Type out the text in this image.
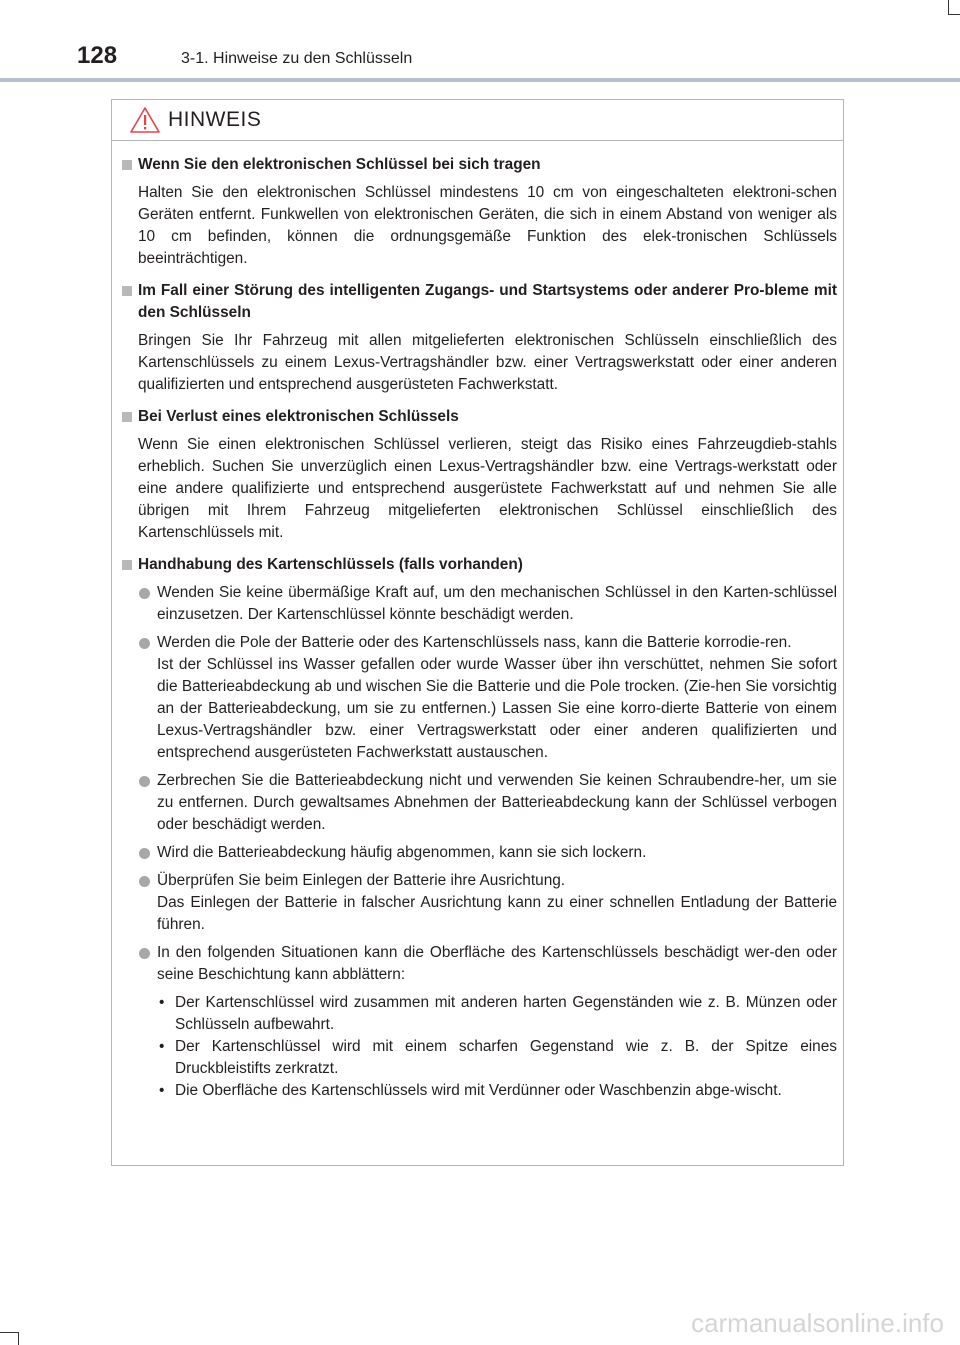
128	3-1. Hinweise zu den Schlüsseln
HINWEIS
Wenn Sie den elektronischen Schlüssel bei sich tragen
Halten Sie den elektronischen Schlüssel mindestens 10 cm von eingeschalteten elektroni-schen Geräten entfernt. Funkwellen von elektronischen Geräten, die sich in einem Abstand von weniger als 10 cm befinden, können die ordnungsgemäße Funktion des elek-tronischen Schlüssels beeinträchtigen.
Im Fall einer Störung des intelligenten Zugangs- und Startsystems oder anderer Pro-bleme mit den Schlüsseln
Bringen Sie Ihr Fahrzeug mit allen mitgelieferten elektronischen Schlüsseln einschließlich des Kartenschlüssels zu einem Lexus-Vertragshändler bzw. einer Vertragswerkstatt oder einer anderen qualifizierten und entsprechend ausgerüsteten Fachwerkstatt.
Bei Verlust eines elektronischen Schlüssels
Wenn Sie einen elektronischen Schlüssel verlieren, steigt das Risiko eines Fahrzeugdieb-stahls erheblich. Suchen Sie unverzüglich einen Lexus-Vertragshändler bzw. eine Vertrags-werkstatt oder eine andere qualifizierte und entsprechend ausgerüstete Fachwerkstatt auf und nehmen Sie alle übrigen mit Ihrem Fahrzeug mitgelieferten elektronischen Schlüssel einschließlich des Kartenschlüssels mit.
Handhabung des Kartenschlüssels (falls vorhanden)
Wenden Sie keine übermäßige Kraft auf, um den mechanischen Schlüssel in den Karten-schlüssel einzusetzen. Der Kartenschlüssel könnte beschädigt werden.
Werden die Pole der Batterie oder des Kartenschlüssels nass, kann die Batterie korrodie-ren.
Ist der Schlüssel ins Wasser gefallen oder wurde Wasser über ihn verschüttet, nehmen Sie sofort die Batterieabdeckung ab und wischen Sie die Batterie und die Pole trocken. (Zie-hen Sie vorsichtig an der Batterieabdeckung, um sie zu entfernen.) Lassen Sie eine korro-dierte Batterie von einem Lexus-Vertragshändler bzw. einer Vertragswerkstatt oder einer anderen qualifizierten und entsprechend ausgerüsteten Fachwerkstatt austauschen.
Zerbrechen Sie die Batterieabdeckung nicht und verwenden Sie keinen Schraubendre-her, um sie zu entfernen. Durch gewaltsames Abnehmen der Batterieabdeckung kann der Schlüssel verbogen oder beschädigt werden.
Wird die Batterieabdeckung häufig abgenommen, kann sie sich lockern.
Überprüfen Sie beim Einlegen der Batterie ihre Ausrichtung.
Das Einlegen der Batterie in falscher Ausrichtung kann zu einer schnellen Entladung der Batterie führen.
In den folgenden Situationen kann die Oberfläche des Kartenschlüssels beschädigt wer-den oder seine Beschichtung kann abblättern:
• Der Kartenschlüssel wird zusammen mit anderen harten Gegenständen wie z. B. Münzen oder Schlüsseln aufbewahrt.
• Der Kartenschlüssel wird mit einem scharfen Gegenstand wie z. B. der Spitze eines Druckbleistifts zerkratzt.
• Die Oberfläche des Kartenschlüssels wird mit Verdünner oder Waschbenzin abge-wischt.
carmanualsonline.info
